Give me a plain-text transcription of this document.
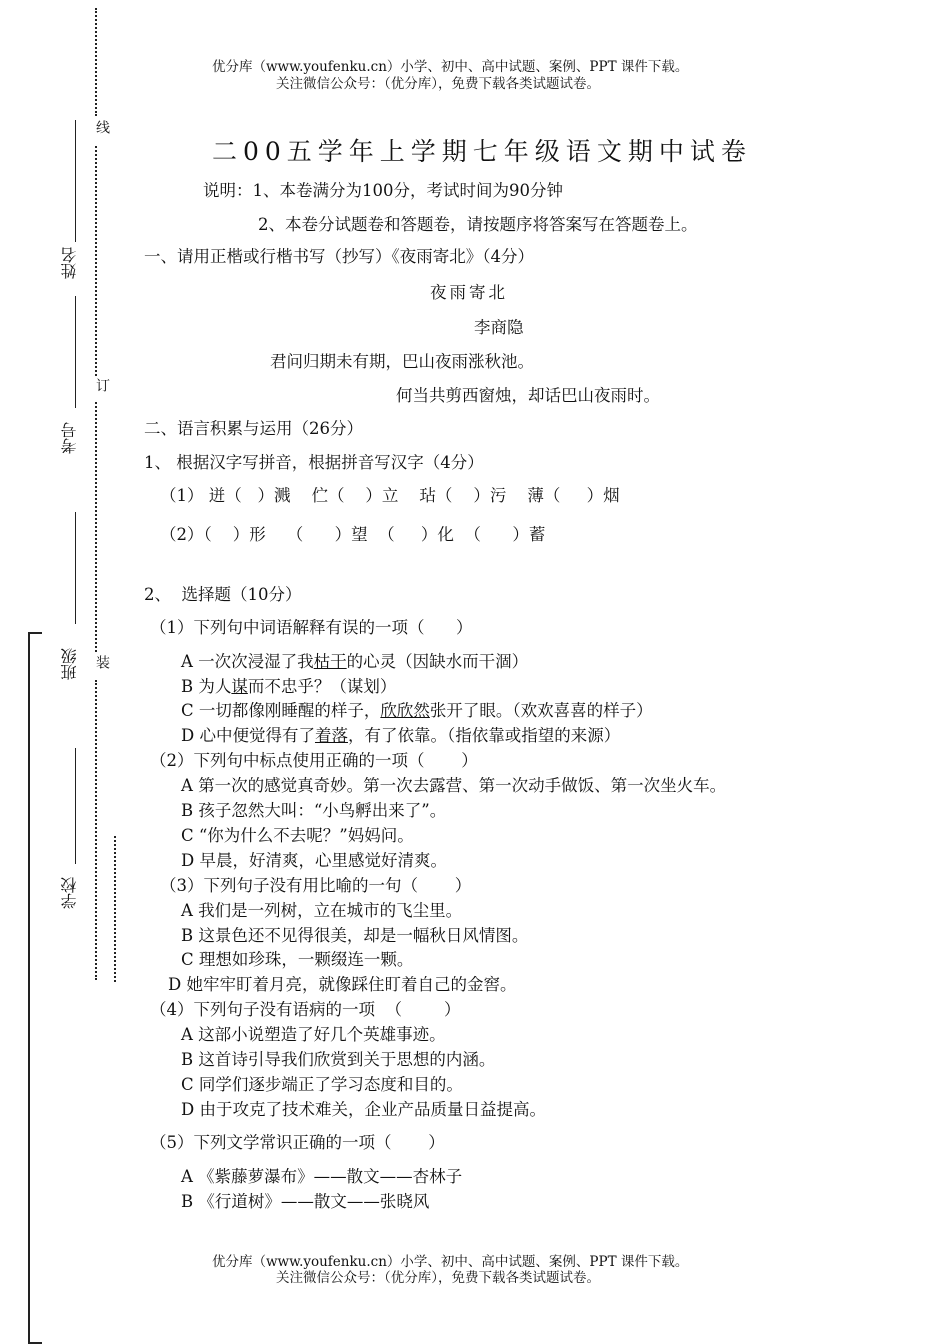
优分库（www.youfenku.cn）小学、初中、高中试题、案例、PPT 课件下载。
关注微信公众号：（优分库），免费下载各类试题试卷。
线
订
装
姓名
考号
班级
学校
二00五学年上学期七年级语文期中试卷
说明：1、本卷满分为100分，考试时间为90分钟
2、本卷分试题卷和答题卷，请按题序将答案写在答题卷上。
一、请用正楷或行楷书写（抄写）《夜雨寄北》（4分）
夜雨寄北
李商隐
君问归期未有期，巴山夜雨涨秋池。
何当共剪西窗烛，却话巴山夜雨时。
二、语言积累与运用（26分）
1、 根据汉字写拼音，根据拼音写汉字（4分）
（1） 迸（   ）溅    伫（    ）立    玷（    ）污    薄（     ）烟
（2）（    ）形    （      ）望  （     ）化  （      ）蓄
2、  选择题（10分）
（1）下列句中词语解释有误的一项（      ）
A 一次次浸湿了我枯干的心灵（因缺水而干涸）
B 为人谋而不忠乎？（谋划）
C 一切都像刚睡醒的样子，欣欣然张开了眼。（欢欢喜喜的样子）
D 心中便觉得有了着落，有了依靠。（指依靠或指望的来源）
（2）下列句中标点使用正确的一项（       ）
A 第一次的感觉真奇妙。第一次去露营、第一次动手做饭、第一次坐火车。
B 孩子忽然大叫：“小鸟孵出来了”。
C “你为什么不去呢？”妈妈问。
D 早晨，好清爽，心里感觉好清爽。
（3）下列句子没有用比喻的一句（       ）
A 我们是一列树，立在城市的飞尘里。
B 这景色还不见得很美，却是一幅秋日风情图。
C 理想如珍珠，一颗缀连一颗。
D 她牢牢盯着月亮，就像踩住盯着自己的金窖。
（4）下列句子没有语病的一项  （        ）
A 这部小说塑造了好几个英雄事迹。
B 这首诗引导我们欣赏到关于思想的内涵。
C 同学们逐步端正了学习态度和目的。
D 由于攻克了技术难关，企业产品质量日益提高。
（5）下列文学常识正确的一项（       ）
A 《紫藤萝瀑布》——散文——杏林子
B 《行道树》——散文——张晓风
优分库（www.youfenku.cn）小学、初中、高中试题、案例、PPT 课件下载。
关注微信公众号：（优分库），免费下载各类试题试卷。
